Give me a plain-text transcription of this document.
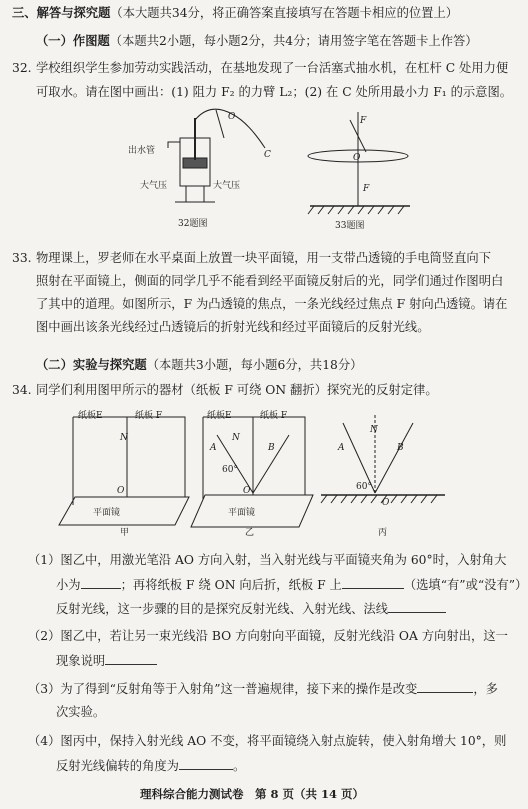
三、解答与探究题（本大题共34分，将正确答案直接填写在答题卡相应的位置上）
（一）作图题（本题共2小题，每小题2分，共4分；请用签字笔在答题卡上作答）
32. 学校组织学生参加劳动实践活动，在基地发现了一台活塞式抽水机，在杠杆 C 处用力便
可取水。请在图中画出：(1) 阻力 F₂ 的力臂 L₂；(2) 在 C 处所用最小力 F₁ 的示意图。
出水管
大气压	大气压
O
C
32题图
F
O
F
33题图
33. 物理课上，罗老师在水平桌面上放置一块平面镜，用一支带凸透镜的手电筒竖直向下
照射在平面镜上，侧面的同学几乎不能看到经平面镜反射后的光，同学们通过作图明白
了其中的道理。如图所示，F 为凸透镜的焦点，一条光线经过焦点 F 射向凸透镜。请在
图中画出该条光线经过凸透镜后的折射光线和经过平面镜后的反射光线。
（二）实验与探究题（本题共3小题，每小题6分，共18分）
34. 同学们利用图甲所示的器材（纸板 F 可绕 ON 翻折）探究光的反射定律。
纸板E	纸板 F
N
O
平面镜
甲
纸板E	纸板 F
N
A	B
60°
O
平面镜
乙
N
A	B
60°
O
丙
（1）图乙中，用激光笔沿 AO 方向入射，当入射光线与平面镜夹角为 60°时，入射角大
小为	；再将纸板 F 绕 ON 向后折，纸板 F 上	（选填“有”或“没有”）
反射光线，这一步骤的目的是探究反射光线、入射光线、法线
（2）图乙中，若让另一束光线沿 BO 方向射向平面镜，反射光线沿 OA 方向射出，这一
现象说明
（3）为了得到“反射角等于入射角”这一普遍规律，接下来的操作是改变	，多
次实验。
（4）图丙中，保持入射光线 AO 不变，将平面镜绕入射点旋转，使入射角增大 10°，则
反射光线偏转的角度为	。
理科综合能力测试卷　第 8 页（共 14 页）
